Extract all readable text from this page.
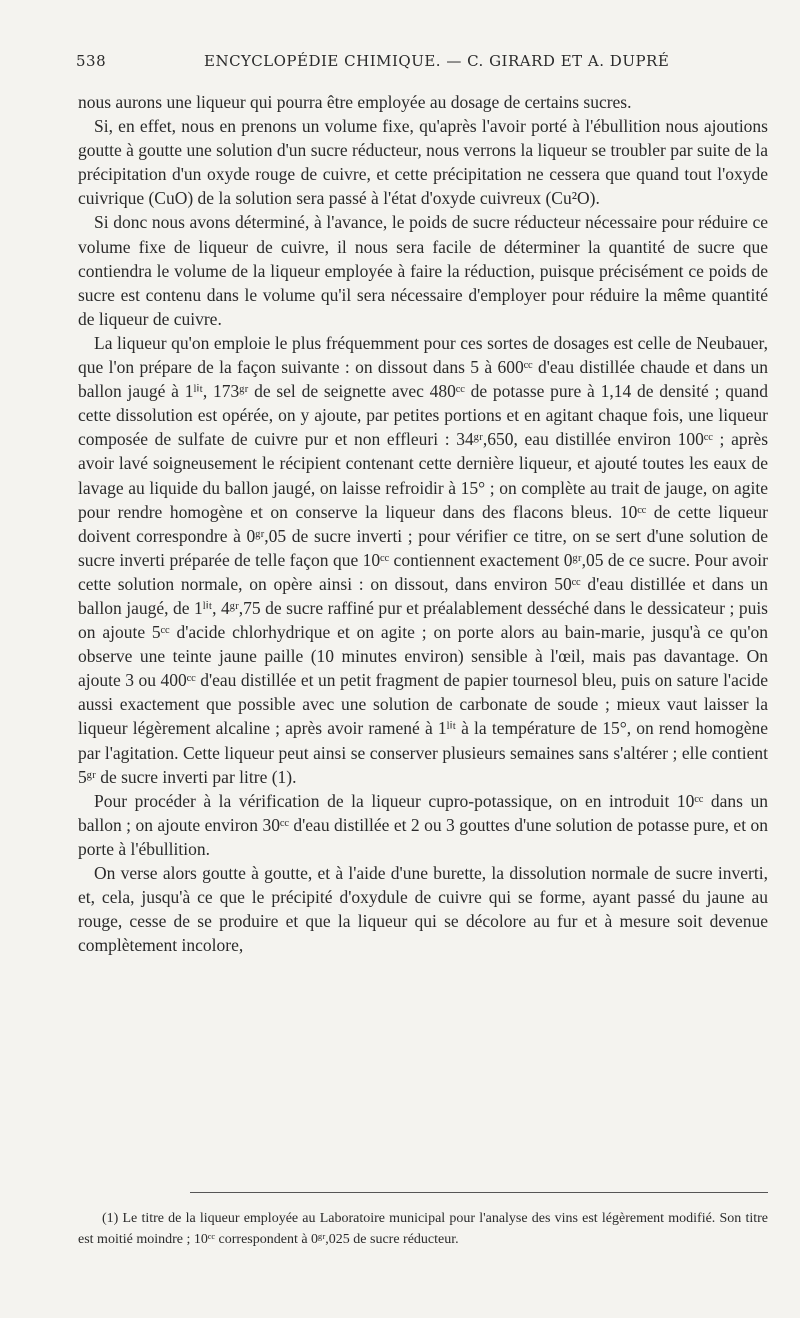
538	ENCYCLOPÉDIE CHIMIQUE. — C. GIRARD ET A. DUPRÉ

nous aurons une liqueur qui pourra être employée au dosage de certains sucres.

Si, en effet, nous en prenons un volume fixe, qu'après l'avoir porté à l'ébullition nous ajoutions goutte à goutte une solution d'un sucre réducteur, nous verrons la liqueur se troubler par suite de la précipitation d'un oxyde rouge de cuivre, et cette précipitation ne cessera que quand tout l'oxyde cuivrique (CuO) de la solution sera passé à l'état d'oxyde cuivreux (Cu²O).

Si donc nous avons déterminé, à l'avance, le poids de sucre réducteur nécessaire pour réduire ce volume fixe de liqueur de cuivre, il nous sera facile de déterminer la quantité de sucre que contiendra le volume de la liqueur employée à faire la réduction, puisque précisément ce poids de sucre est contenu dans le volume qu'il sera nécessaire d'employer pour réduire la même quantité de liqueur de cuivre.

La liqueur qu'on emploie le plus fréquemment pour ces sortes de dosages est celle de Neubauer, que l'on prépare de la façon suivante : on dissout dans 5 à 600ᶜᶜ d'eau distillée chaude et dans un ballon jaugé à 1ˡⁱᵗ, 173ᵍʳ de sel de seignette avec 480ᶜᶜ de potasse pure à 1,14 de densité ; quand cette dissolution est opérée, on y ajoute, par petites portions et en agitant chaque fois, une liqueur composée de sulfate de cuivre pur et non effleuri : 34ᵍʳ,650, eau distillée environ 100ᶜᶜ ; après avoir lavé soigneusement le récipient contenant cette dernière liqueur, et ajouté toutes les eaux de lavage au liquide du ballon jaugé, on laisse refroidir à 15° ; on complète au trait de jauge, on agite pour rendre homogène et on conserve la liqueur dans des flacons bleus. 10ᶜᶜ de cette liqueur doivent correspondre à 0ᵍʳ,05 de sucre inverti ; pour vérifier ce titre, on se sert d'une solution de sucre inverti préparée de telle façon que 10ᶜᶜ contiennent exactement 0ᵍʳ,05 de ce sucre. Pour avoir cette solution normale, on opère ainsi : on dissout, dans environ 50ᶜᶜ d'eau distillée et dans un ballon jaugé, de 1ˡⁱᵗ, 4ᵍʳ,75 de sucre raffiné pur et préalablement desséché dans le dessicateur ; puis on ajoute 5ᶜᶜ d'acide chlorhydrique et on agite ; on porte alors au bain-marie, jusqu'à ce qu'on observe une teinte jaune paille (10 minutes environ) sensible à l'œil, mais pas davantage. On ajoute 3 ou 400ᶜᶜ d'eau distillée et un petit fragment de papier tournesol bleu, puis on sature l'acide aussi exactement que possible avec une solution de carbonate de soude ; mieux vaut laisser la liqueur légèrement alcaline ; après avoir ramené à 1ˡⁱᵗ à la température de 15°, on rend homogène par l'agitation. Cette liqueur peut ainsi se conserver plusieurs semaines sans s'altérer ; elle contient 5ᵍʳ de sucre inverti par litre (1).

Pour procéder à la vérification de la liqueur cupro-potassique, on en introduit 10ᶜᶜ dans un ballon ; on ajoute environ 30ᶜᶜ d'eau distillée et 2 ou 3 gouttes d'une solution de potasse pure, et on porte à l'ébullition.

On verse alors goutte à goutte, et à l'aide d'une burette, la dissolution normale de sucre inverti, et, cela, jusqu'à ce que le précipité d'oxydule de cuivre qui se forme, ayant passé du jaune au rouge, cesse de se produire et que la liqueur qui se décolore au fur et à mesure soit devenue complètement incolore,

(1) Le titre de la liqueur employée au Laboratoire municipal pour l'analyse des vins est légèrement modifié. Son titre est moitié moindre ; 10ᶜᶜ correspondent à 0ᵍʳ,025 de sucre réducteur.
